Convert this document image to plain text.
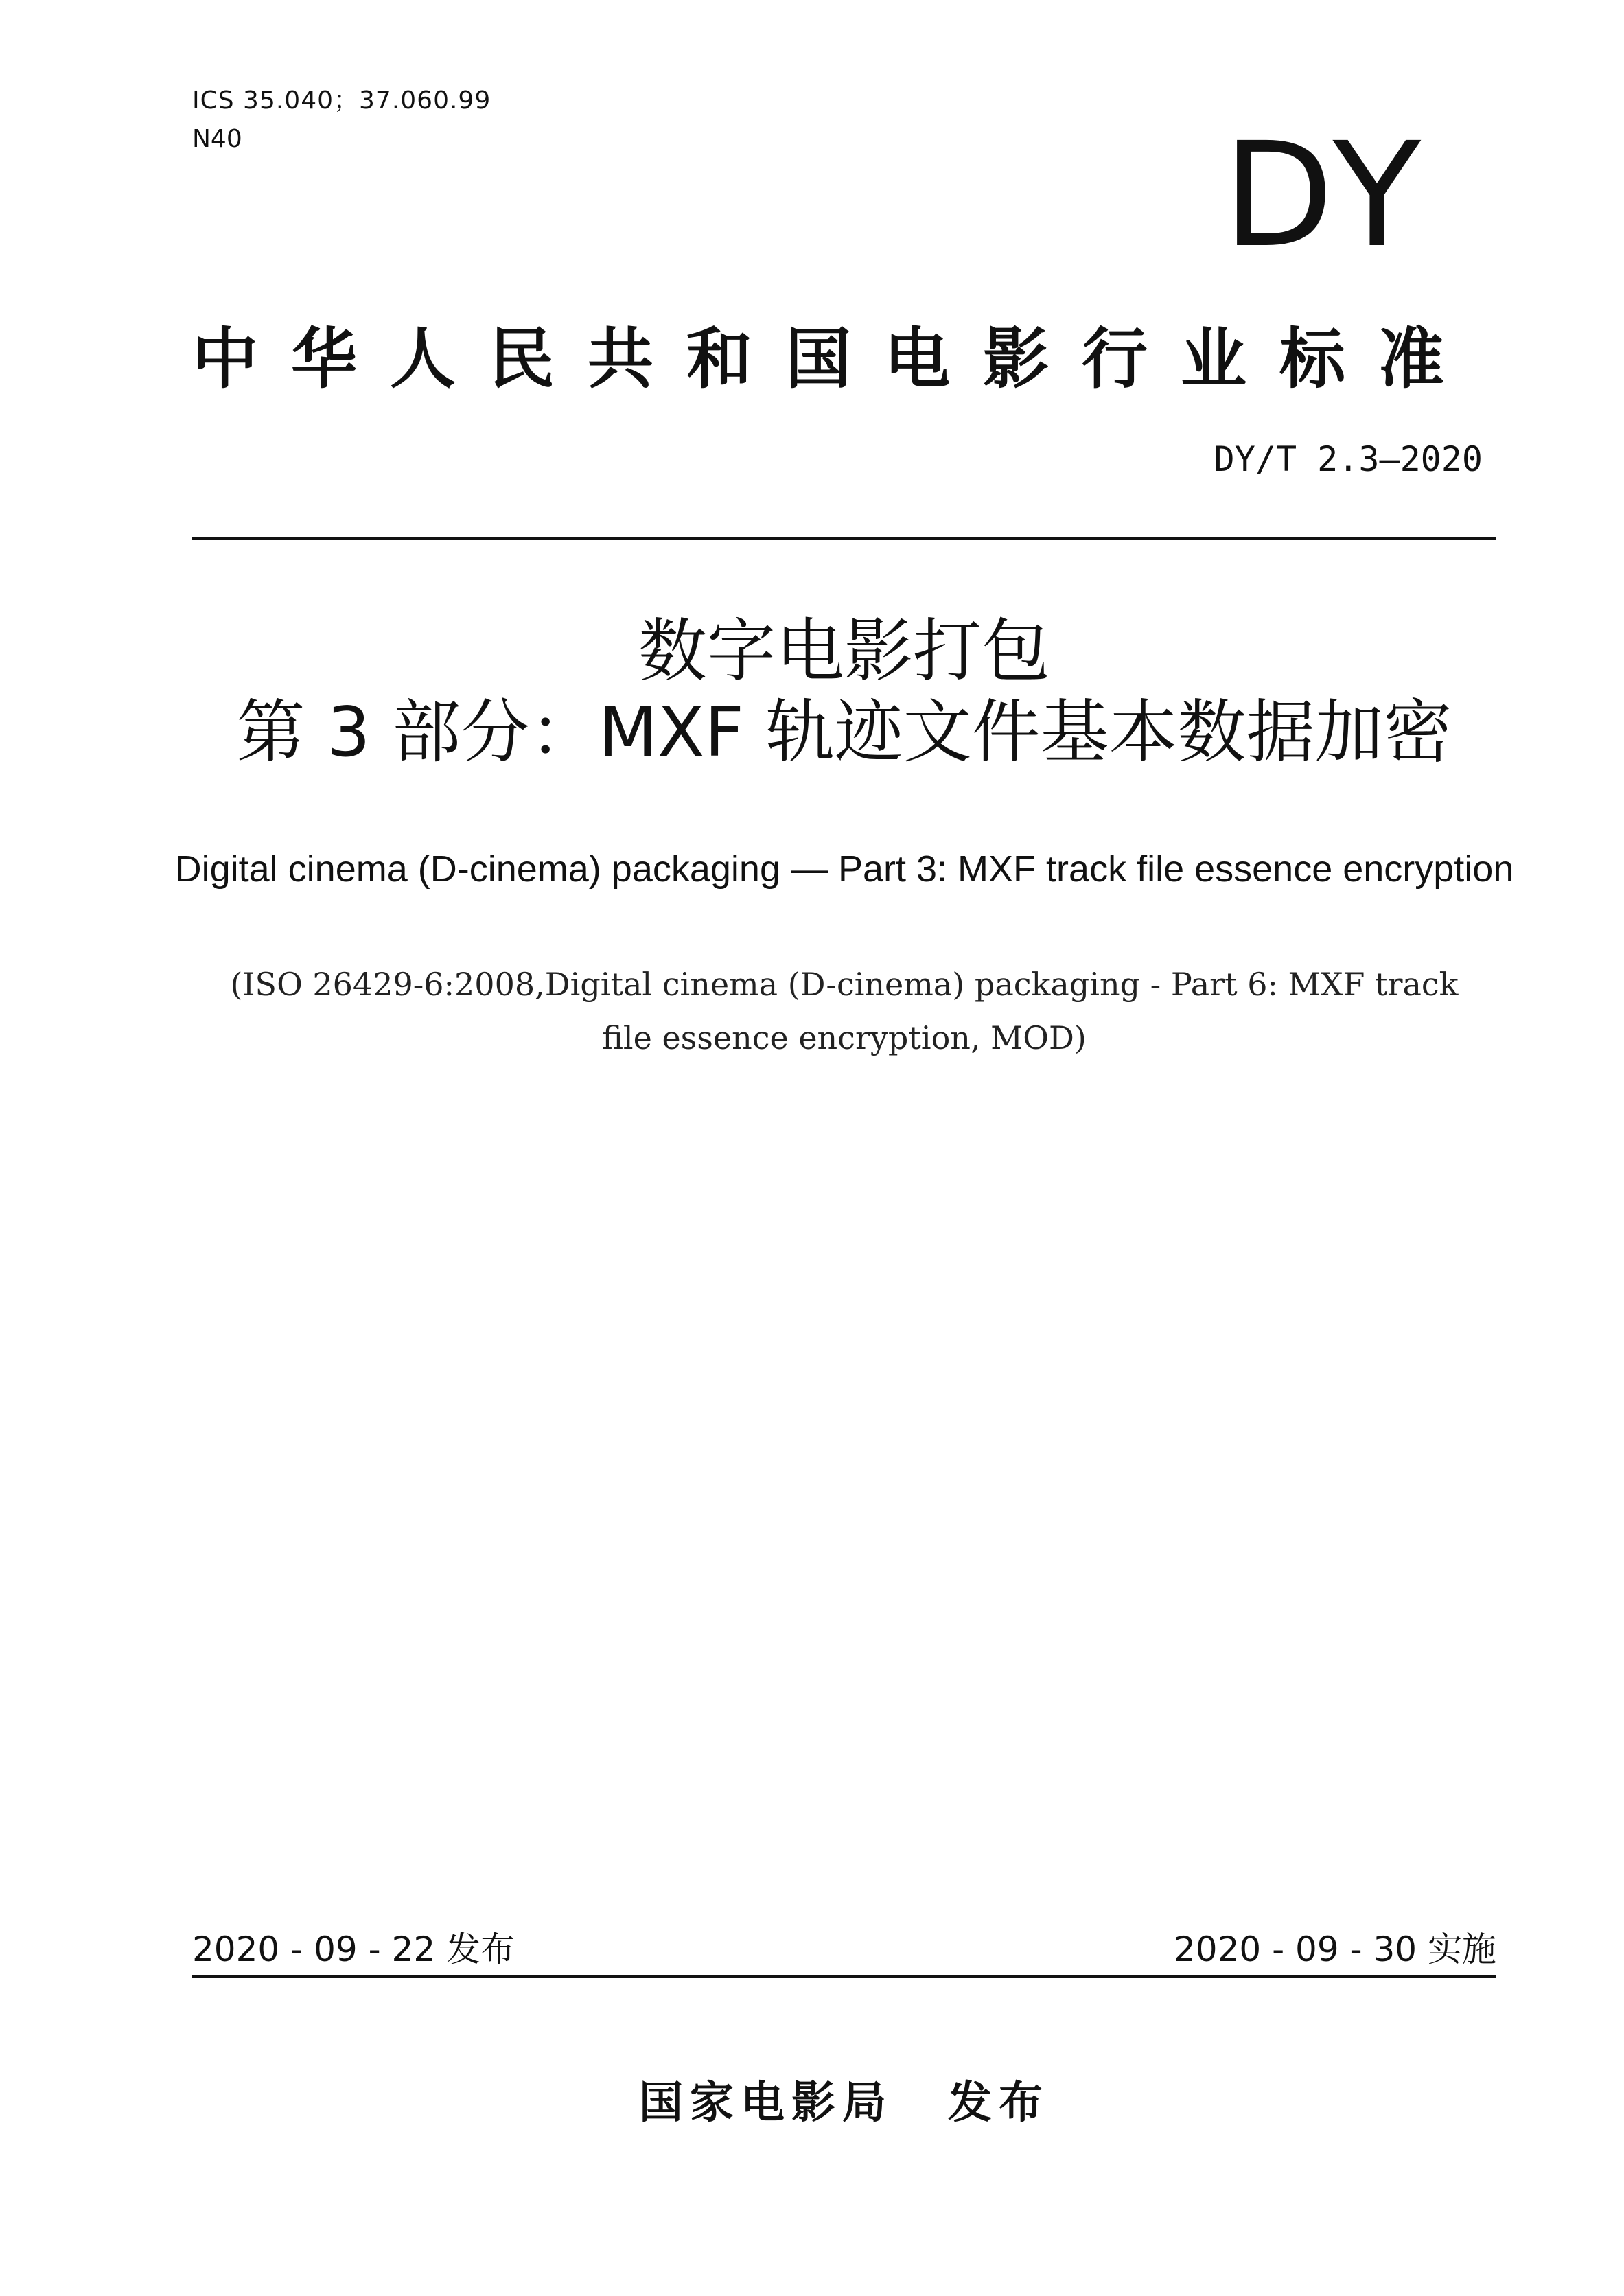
ICS 35.040；37.060.99
N40	DY
中华人民共和国电影行业标准
DY/T 2.3—2020
数字电影打包
第 3 部分：MXF 轨迹文件基本数据加密
Digital cinema (D-cinema) packaging — Part 3: MXF track file essence encryption
(ISO 26429-6:2008,Digital cinema (D-cinema) packaging - Part 6: MXF track
file essence encryption, MOD)
2020 - 09 - 22 发布	2020 - 09 - 30 实施
国家电影局 发布
